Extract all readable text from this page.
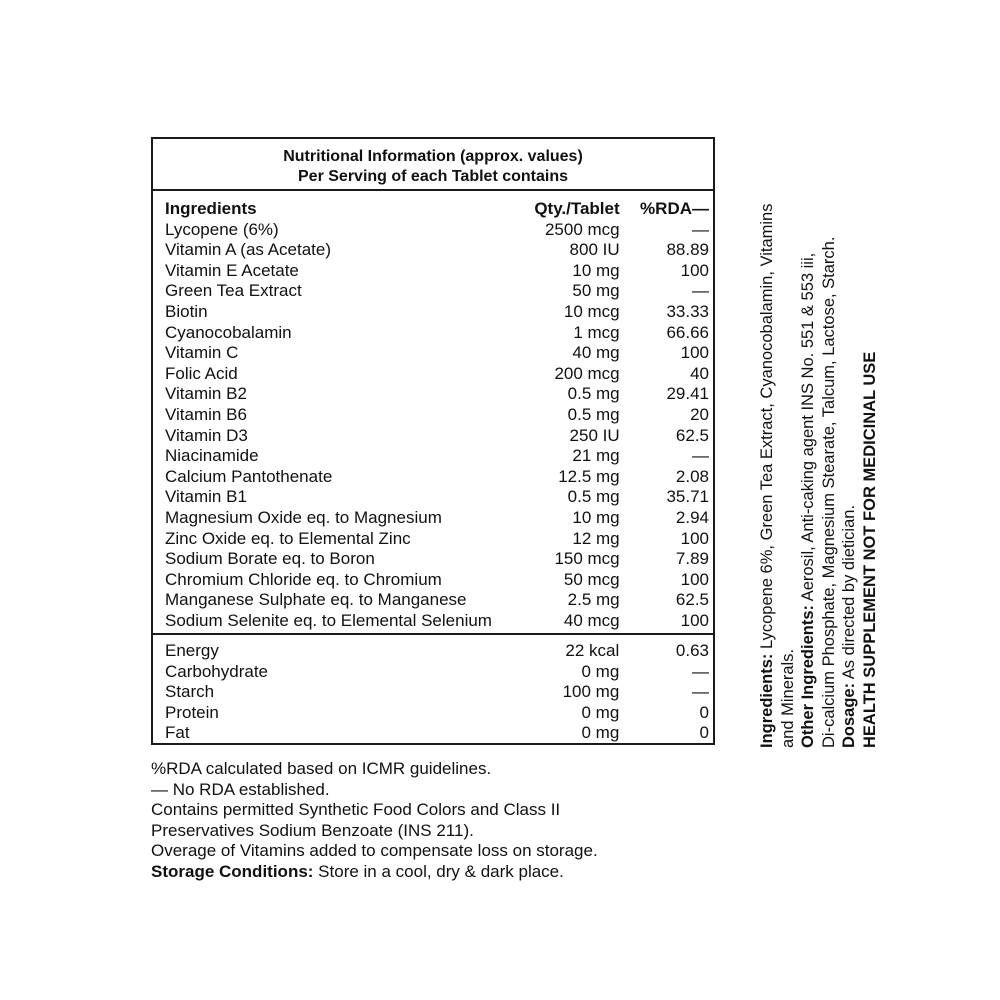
Nutritional Information (approx. values)
Per Serving of each Tablet contains
Ingredients	Qty./Tablet	%RDA—
Lycopene (6%)	2500 mcg	—
Vitamin A (as Acetate)	800 IU	88.89
Vitamin E Acetate	10 mg	100
Green Tea Extract	50 mg	—
Biotin	10 mcg	33.33
Cyanocobalamin	1 mcg	66.66
Vitamin C	40 mg	100
Folic Acid	200 mcg	40
Vitamin B2	0.5 mg	29.41
Vitamin B6	0.5 mg	20
Vitamin D3	250 IU	62.5
Niacinamide	21 mg	—
Calcium Pantothenate	12.5 mg	2.08
Vitamin B1	0.5 mg	35.71
Magnesium Oxide eq. to Magnesium	10 mg	2.94
Zinc Oxide eq. to Elemental Zinc	12 mg	100
Sodium Borate eq. to Boron	150 mcg	7.89
Chromium Chloride eq. to Chromium	50 mcg	100
Manganese Sulphate eq. to Manganese	2.5 mg	62.5
Sodium Selenite eq. to Elemental Selenium	40 mcg	100
Energy	22 kcal	0.63
Carbohydrate	0 mg	—
Starch	100 mg	—
Protein	0 mg	0
Fat	0 mg	0
%RDA calculated based on ICMR guidelines.
— No RDA established.
Contains permitted Synthetic Food Colors and Class II
Preservatives Sodium Benzoate (INS 211).
Overage of Vitamins added to compensate loss on storage.
Storage Conditions: Store in a cool, dry & dark place.
Ingredients: Lycopene 6%, Green Tea Extract, Cyanocobalamin, Vitamins
and Minerals. Other Ingredients: Aerosil, Anti-caking agent INS No. 551 & 553 iii, Di-calcium Phosphate, Magnesium Stearate, Talcum, Lactose, Starch. Dosage: As directed by dietician. HEALTH SUPPLEMENT NOT FOR MEDICINAL USE
